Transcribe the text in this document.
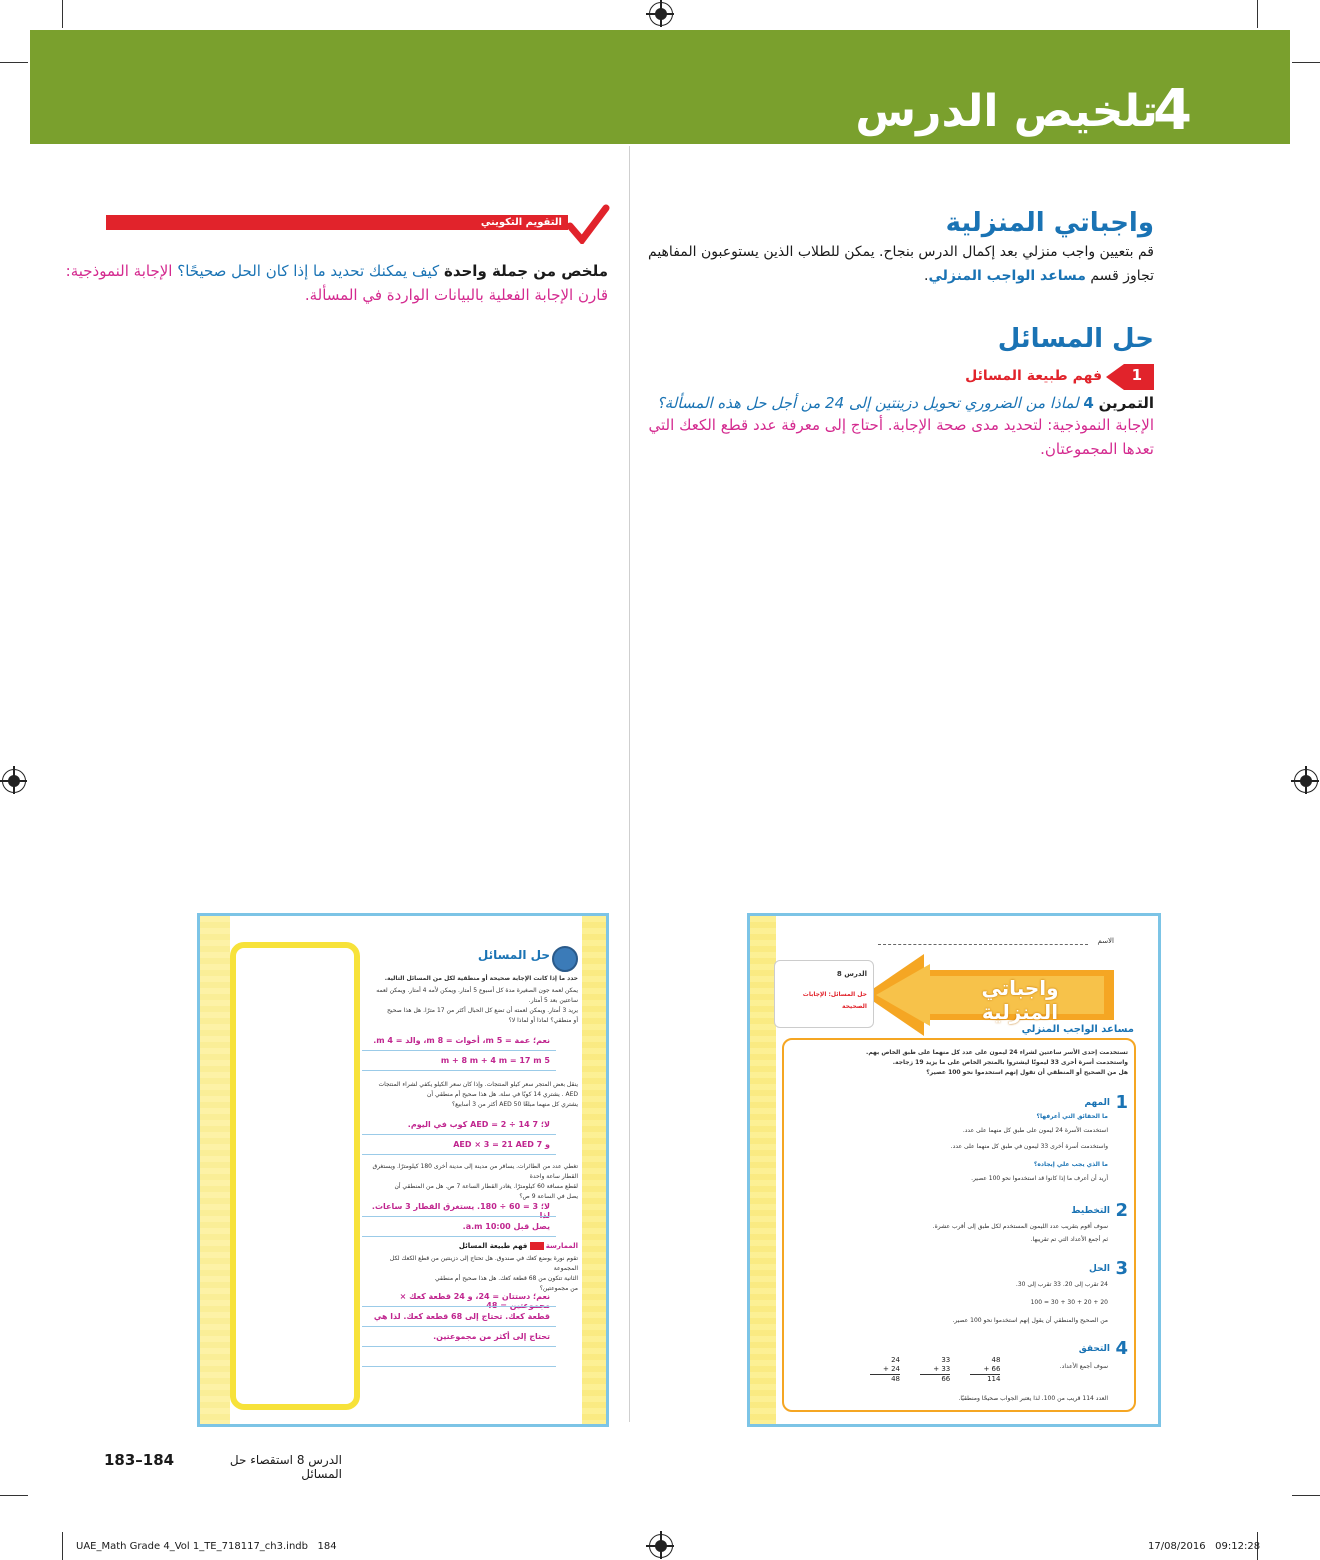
تلخيص الدرس
4
واجباتي المنزلية
قم بتعيين واجب منزلي بعد إكمال الدرس بنجاح. يمكن للطلاب الذين يستوعبون المفاهيم
تجاوز قسم مساعد الواجب المنزلي.
حل المسائل
1
فهم طبيعة المسائل
التمرين 4 لماذا من الضروري تحويل دزينتين إلى 24 من أجل حل هذه المسألة؟
الإجابة النموذجية: لتحديد مدى صحة الإجابة. أحتاج إلى معرفة عدد قطع الكعك التي
تعدها المجموعتان.
التقويم التكويني
ملخص من جملة واحدة كيف يمكنك تحديد ما إذا كان الحل صحيحًا؟ الإجابة النموذجية:
قارن الإجابة الفعلية بالبيانات الواردة في المسألة.
حل المسائل
حدد ما إذا كانت الإجابة صحيحة أو منطقية لكل من المسائل التالية.
يمكن لعمة جون الصغيرة مدة كل أسبوع 5 أمتار. ويمكن لأمه 4 أمتار. ويمكن لعمه ساعتين بعد 5 أمتار.
يريد 3 أمتار. ويمكن لعمته أن تضع كل الحبال أكثر من 17 مترًا. هل هذا صحيح
أو منطقي؟ لماذا أو لماذا لا؟
نعم؛ عمة = 5 m، أخوات = 8 m، والد = 4 m.
5 m + 8 m + 4 m = 17 m
ينقل بعض المتجر سعر كيلو المنتجات. وإذا كان سعر الكيلو يكفي لشراء المنتجات
AED . يشتري 14 كوبًا في سلة. هل هذا صحيح أم منطقي أن
يشتري كل منهما مبلغًا 50 AED أكثر من 3 أسابيع؟
لا؛ 7 AED = 2 ÷ 14 كوب في اليوم.
و 7 AED × 3 = 21 AED
تغطي عدد من الطائرات. يسافر من مدينة إلى مدينة أخرى 180 كيلومترًا. ويستغرق القطار ساعة واحدة
لقطع مسافة 60 كيلومترًا. يغادر القطار الساعة 7 ص. هل من المنطقي أن
يصل في الساعة 9 ص؟
لا؛ 3 = 60 ÷ 180. يستغرق القطار 3 ساعات.
يصل قبل 10:00 a.m.
الممارسة  فهم طبيعة المسائل
تقوم نورة بوضع كعك في صندوق. هل تحتاج إلى دزينتين من قطع الكعك لكل المجموعة
الثانية تتكون من 68 قطعة كعك. هل هذا صحيح أم منطقي
من مجموعتين؟
نعم؛ دستتان = 24، و 24 قطعة كعك ×
قطعة كعك. تحتاج إلى 68 قطعة كعك. لذا هي
تحتاج إلى أكثر من مجموعتين.
الاسم
واجباتي المنزلية
الدرس 8
حل المسائل: الإجابات
الصحيحة
مساعد الواجب المنزلي
تستخدمت إحدى الأسر ساعتين لشراء 24 ليمون على عدد كل منهما على طبق الخاص بهم.
واستخدمت أسرة أخرى 33 ليمونًا ليشتروا بالمتجر الخاص على ما يزيد 19 زجاجة.
هل من الصحيح أو المنطقي أن تقول إنهم استخدموا نحو 100 عصير؟
1
المهم
ما الحقائق التي أعرفها؟
استخدمت الأسرة 24 ليمون على طبق كل منهما على عدد.
واستخدمت أسرة أخرى 33 ليمون في طبق كل منهما على عدد.
ما الذي يجب علي إيجاده؟
أريد أن أعرف ما إذا كانوا قد استخدموا نحو 100 عصير.
2
التخطيط
سوف أقوم بتقريب عدد الليمون المستخدم لكل طبق إلى أقرب عشرة.
ثم أجمع الأعداد التي تم تقريبها.
3
الحل
24 تقرب إلى 20. 33 تقرب إلى 30.
20 + 20 + 30 + 30 = 100
من الصحيح والمنطقي أن يقول إنهم استخدموا نحو 100 عصير.
4
التحقق
سوف أجمع الأعداد.
24
+ 24
48

33
+ 33
66

48
+ 66
114
العدد 114 قريب من 100. لذا يعتبر الجواب صحيحًا ومنطقيًا.
183–184	الدرس 8 استقصاء حل المسائل
UAE_Math Grade 4_Vol 1_TE_718117_ch3.indb   184	17/08/2016   09:12:28
